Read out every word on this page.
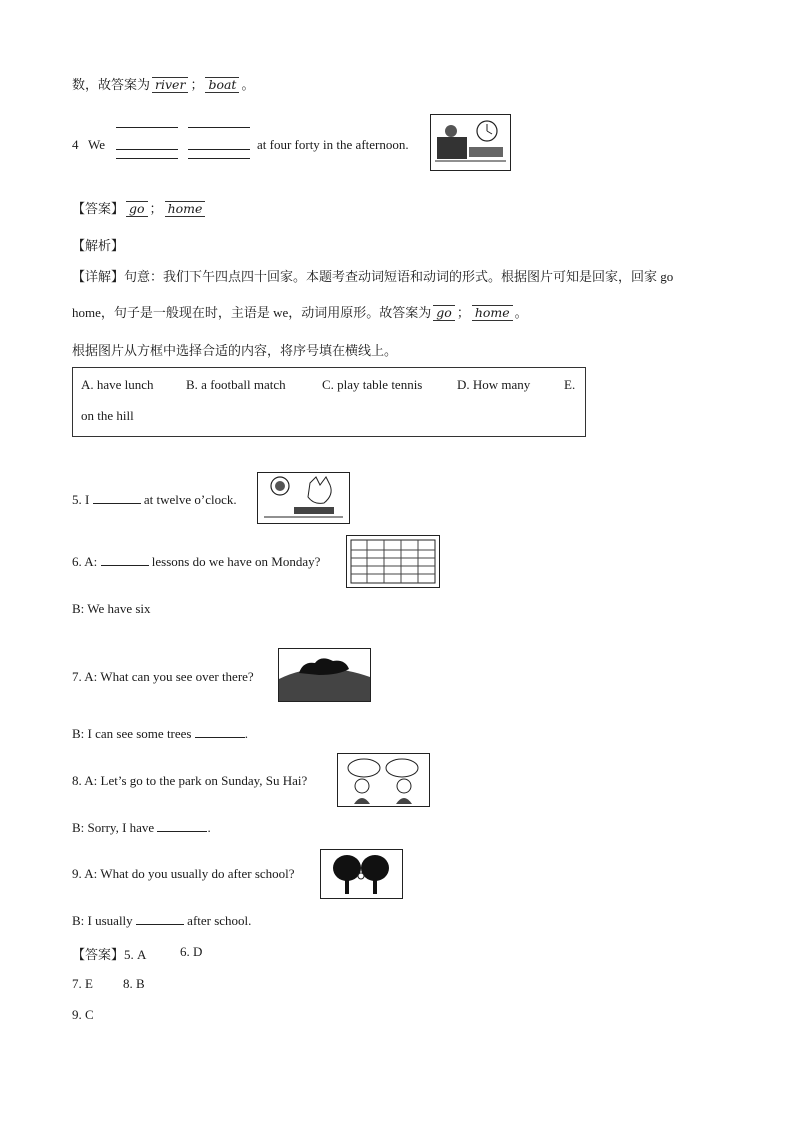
数，故答案为 river ； boat 。
4 We	at four forty in the afternoon.
【答案】 go ； home
【解析】
【详解】句意：我们下午四点四十回家。本题考查动词短语和动词的形式。根据图片可知是回家，回家 go
home，句子是一般现在时，主语是 we，动词用原形。故答案为 go ； home 。
根据图片从方框中选择合适的内容，将序号填在横线上。
A. have lunch B. a football match	C. play table tennis	D. How many	E.
on the hill
5. I	at twelve o’clock.
6. A:	lessons do we have on Monday?
B: We have six
7. A: What can you see over there?
B: I can see some trees	.
8. A: Let’s go to the park on Sunday, Su Hai?
B: Sorry, I have	.
9. A: What do you usually do after school?
B: I usually	after school.
【答案】5. A	6. D
7. E 8. B
9. C
